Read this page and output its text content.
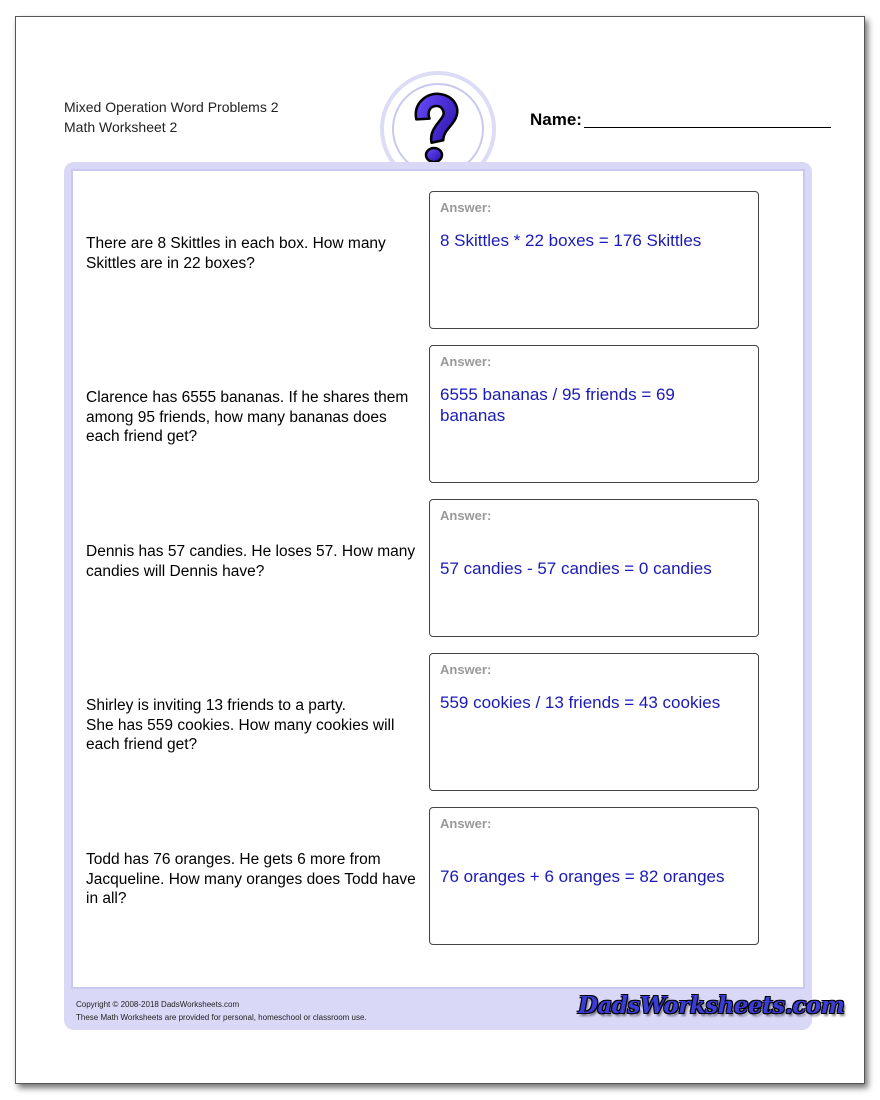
Mixed Operation Word Problems 2
Math Worksheet 2	Name:
There are 8 Skittles in each box. How many Skittles are in 22 boxes?
Answer:
8 Skittles * 22 boxes = 176 Skittles
Clarence has 6555 bananas. If he shares them among 95 friends, how many bananas does each friend get?
Answer:
6555 bananas / 95 friends = 69 bananas
Dennis has 57 candies. He loses 57. How many candies will Dennis have?
Answer:
57 candies - 57 candies = 0 candies
Shirley is inviting 13 friends to a party.
She has 559 cookies. How many cookies will each friend get?
Answer:
559 cookies / 13 friends = 43 cookies
Todd has 76 oranges. He gets 6 more from Jacqueline. How many oranges does Todd have in all?
Answer:
76 oranges + 6 oranges = 82 oranges
Copyright © 2008-2018 DadsWorksheets.com
These Math Worksheets are provided for personal, homeschool or classroom use.	DadsWorksheets.com
